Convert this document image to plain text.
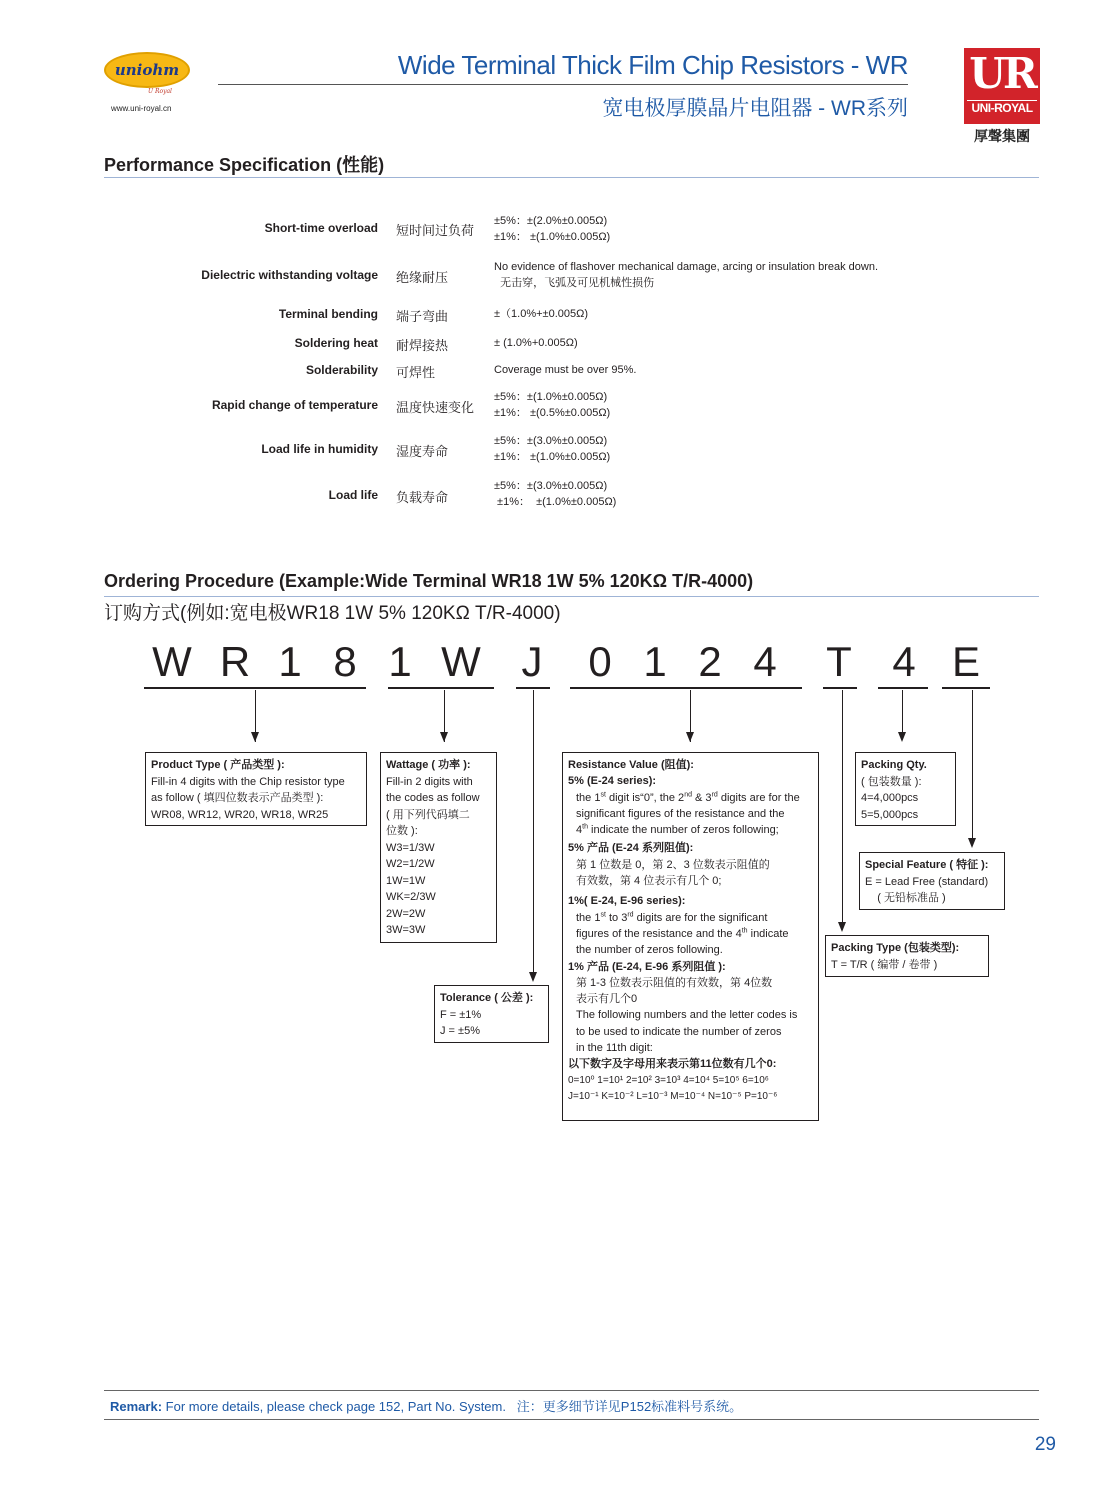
uniohm
U Royal
www.uni-royal.cn
Wide Terminal Thick Film Chip Resistors - WR
宽电极厚膜晶片电阻器 - WR系列
UR
UNI-ROYAL
厚聲集團
Performance Specification (性能)
Short-time overload 短时间过负荷
±5%：±(2.0%±0.005Ω)
±1%： ±(1.0%±0.005Ω)
Dielectric withstanding voltage 绝缘耐压
No evidence of flashover mechanical damage, arcing or insulation break down.
无击穿，飞弧及可见机械性损伤
Terminal bending 端子弯曲	±（1.0%+±0.005Ω)
Soldering heat 耐焊接热	± (1.0%+0.005Ω)
Solderability 可焊性	Coverage must be over 95%.
Rapid change of temperature 温度快速变化
±5%：±(1.0%±0.005Ω)
±1%： ±(0.5%±0.005Ω)
Load life in humidity 湿度寿命
±5%：±(3.0%±0.005Ω)
±1%： ±(1.0%±0.005Ω)
Load life 负载寿命
±5%：±(3.0%±0.005Ω)
±1%：  ±(1.0%±0.005Ω)
Ordering Procedure (Example:Wide Terminal WR18 1W 5% 120KΩ T/R-4000)
订购方式(例如:宽电极WR18 1W 5% 120KΩ T/R-4000)
W R 1 8 1 W J	0 1 2 4	T 4 E
Product Type ( 产品类型 ):
Fill-in 4 digits with the Chip resistor type
as follow ( 填四位数表示产品类型 ):
WR08, WR12, WR20, WR18, WR25
Wattage ( 功率 ):
Fill-in 2 digits with
the codes as follow
( 用下列代码填二
位数 ):
W3=1/3W
W2=1/2W
1W=1W
WK=2/3W
2W=2W
3W=3W
Tolerance ( 公差 ):
F = ±1%
J = ±5%
Resistance Value (阻值):
5% (E-24 series):
the 1st digit is“0”, the 2nd & 3rd digits are for the
significant figures of the resistance and the
4th indicate the number of zeros following;
5% 产品 (E-24 系列阻值):
第 1 位数是 0，第 2、3 位数表示阻值的
有效数，第 4 位表示有几个 0;
1%( E-24, E-96 series):
the 1st to 3rd digits are for the significant
figures of the resistance and the 4th indicate
the number of zeros following.
1% 产品 (E-24, E-96 系列阻值 ):
第 1-3 位数表示阻值的有效数，第 4位数
表示有几个0
The following numbers and the letter codes is
to be used to indicate the number of zeros
in the 11th digit:
以下数字及字母用来表示第11位数有几个0:
0=10⁰ 1=10¹ 2=10² 3=10³ 4=10⁴ 5=10⁵ 6=10⁶
J=10⁻¹ K=10⁻² L=10⁻³ M=10⁻⁴ N=10⁻⁵ P=10⁻⁶
Packing Qty.
( 包装数量 ):
4=4,000pcs
5=5,000pcs
Special Feature ( 特征 ):
E = Lead Free (standard)
( 无铅标准品 )
Packing Type (包装类型):
T = T/R ( 编带 / 卷带 )
Remark: For more details, please check page 152, Part No. System.   注：更多细节详见P152标准料号系统。
29
